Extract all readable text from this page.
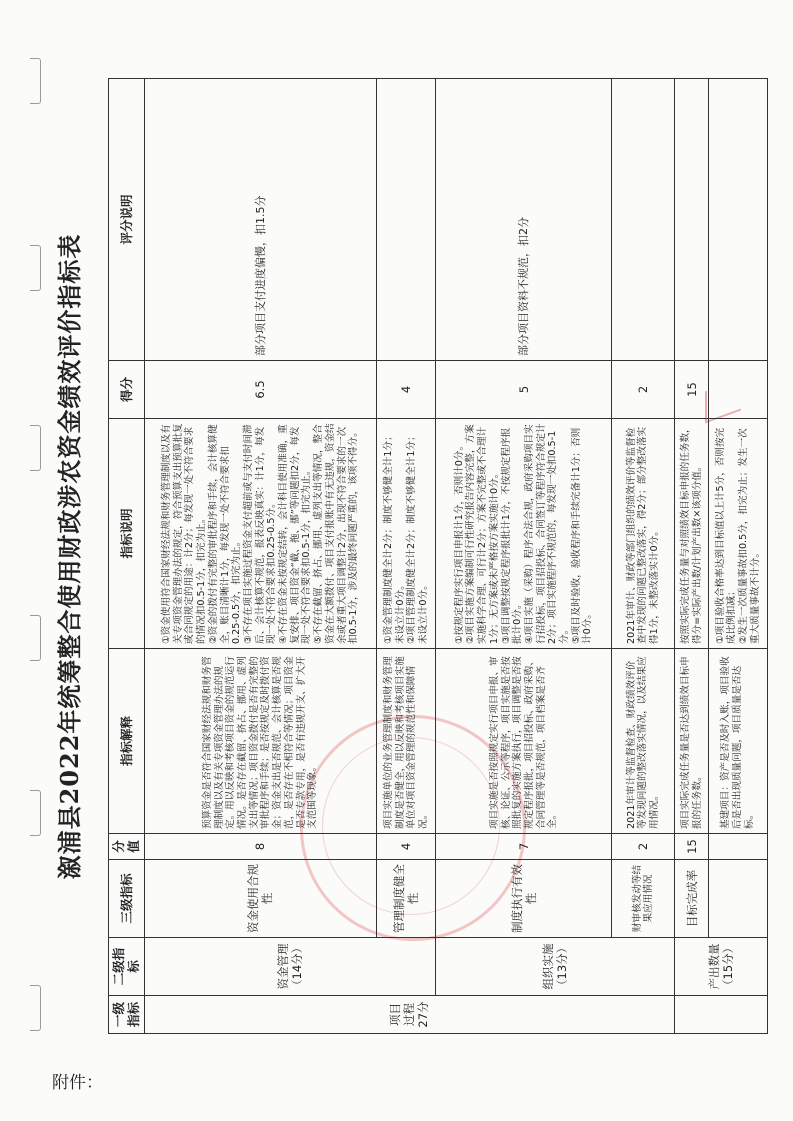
附件：
溆浦县2022年统筹整合使用财政涉农资金绩效评价指标表
一级指标	二级指标	三级指标	分值	指标解释	指标说明	得分	评分说明
项目过程27分	资金管理（14分）	资金使用合规性	8	预算资金是否符合国家财经法规和财务管理制度以及有关专项资金管理办法的规定。用以反映和考核项目资金的规范运行情况。是否存在截留、挤占、挪用、虚列支出等情况；项目资金拨付是否有完整的审批程序和手续；是否按规定及时拨付资金；资金支出是否规范、会计核算是否规范，是否存在不相符合等情况；项目资金是否专款专用，是否有违规开支、扩大开支范围等现象。	①资金使用符合国家财经法规和财务管理制度以及有关专项资金管理办法的规定，符合预算支出预算批复或合同规定的用途：计2分；每发现一处不符合要求的情况扣0.5-1分，扣完为止。 ②资金的拨付有完整的审批程序和手续，会计核算健全，账目清晰计1分，每发现一处不符合要求扣0.25-0.5分，扣完为止。 ③不存在项目实施过程资金支付超前或与支付时间滞后、会计核算不规范，报表反映真实：计1分，每发现一处不符合要求扣0.25-0.5分。 ④不存在资金未按规定结转，会计科目使用准确，重复安排、项目资金“截、拖、挪”等问题扣2分，每发现一处不符合要求扣0.5-1分，扣完为止。 ⑤不存在截留、挤占、挪用、虚列支出等情况，整合资金在大额拨付、项目支付报账中有无违规，资金结余或者重大项目调整计2分，出现不符合要求的一次扣0.5-1分，涉及的最终问题严重的，该项不得分。	6.5	部分项目支付进度偏慢，扣1.5分
		管理制度健全性	4	项目实施单位的业务管理制度和财务管理制度是否健全，用以反映和考核项目实施单位对项目资金管理的规范性和保障情况。	①资金管理制度健全计2分；制度不够健全计1分；未设立计0分。 ②项目管理制度健全计2分；制度不够健全计1分；未设立计0分。	4	
	组织实施（13分）	制度执行有效性	7	项目实施是否按照规定实行项目申报、审核、论证、公示等程序，项目实施是否按照批复的实施方案执行，项目调整是否按规定程序报批，项目招投标、政府采购、合同管理等是否规范，项目档案是否齐全。	①按规定程序实行项目申报计1分，否则计0分。 ②项目实施方案编制可行性研究报告内容完整，方案实施科学合理、可行计2分；方案不完整或不合理计1分；无方案或未严格按方案实施计0分。 ③项目调整按规定程序报批计1分，不按规定程序报批计0分。 ④项目实施（采购）程序合法合规，政府采购项目实行招投标，项目招投标、合同签订等程序符合规定计2分；项目实施程序不规范的，每发现一处扣0.5-1分。 ⑤项目及时验收，验收程序和手续完备计1分；否则计0分。	5	部分项目资料不规范，扣2分
		财审核发动等结果应用情况	2	2021年审计等监督检查、财政绩效评价等发现问题的整改落实情况，以及结果应用情况。	2021年审计、财政等部门组织的绩效评价等监督检查中发现的问题已整改落实，得2分；部分整改落实得1分，未整改落实计0分。	2	
	产出数量（15分）	目标完成率	15	项目实际完成任务量是否达到绩效目标申报的任务数。	按照实际完成任务量与对照绩效目标申报的任务数，得分=实际产出数/计划产出数×该项分值。	15	
				基建项目：资产是否及时入账，项目验收后是否出现质量问题，项目质量是否达标。	①项目验收合格率达到目标值以上计5分，否则按完成比例扣减； ②发生一次质量事故扣0.5分，扣完为止；发生一次重大质量事故不计分。		
